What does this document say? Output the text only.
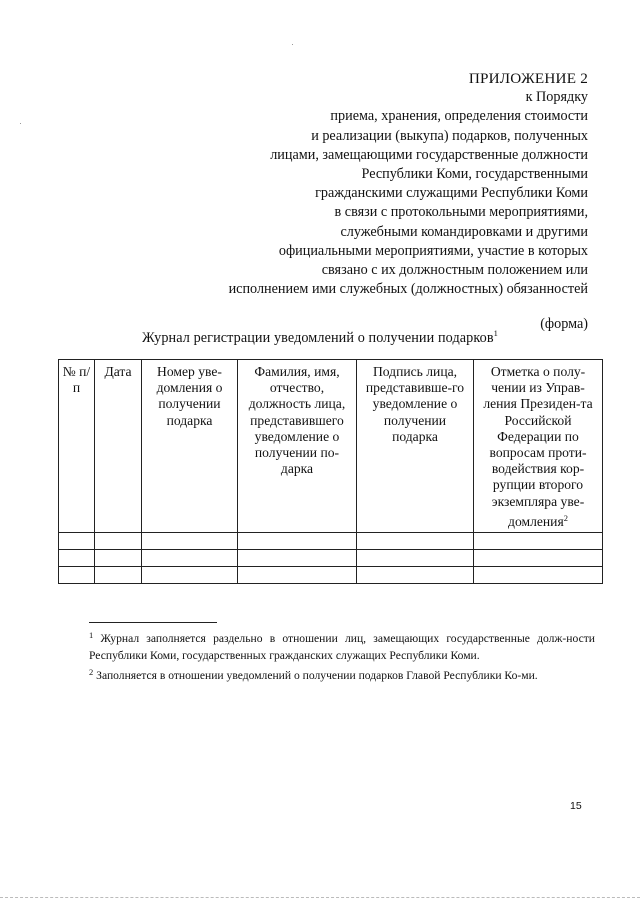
ПРИЛОЖЕНИЕ 2
к Порядку
приема, хранения, определения стоимости
и реализации (выкупа) подарков, полученных
лицами, замещающими государственные должности
Республики Коми, государственными
гражданскими служащими Республики Коми
в связи с протокольными мероприятиями,
служебными командировками и другими
официальными мероприятиями, участие в которых
связано с их должностным положением или
исполнением ими служебных (должностных) обязанностей
(форма)
Журнал регистрации уведомлений о получении подарков$^1$
№ п/п	Дата	Номер уве-домления о получении подарка	Фамилия, имя, отчество, должность лица, представившего уведомление о получении по-дарка	Подпись лица, представивше-го уведомление о получении подарка	Отметка о полу-чении из Управ-ления Президен-та Российской Федерации по вопросам проти-водействия кор-рупции второго экземпляра уве-домления$^2$

$^1$ Журнал заполняется раздельно в отношении лиц, замещающих государственные долж-ности Республики Коми, государственных гражданских служащих Республики Коми.
$^2$ Заполняется в отношении уведомлений о получении подарков Главой Республики Ко-ми.
15
